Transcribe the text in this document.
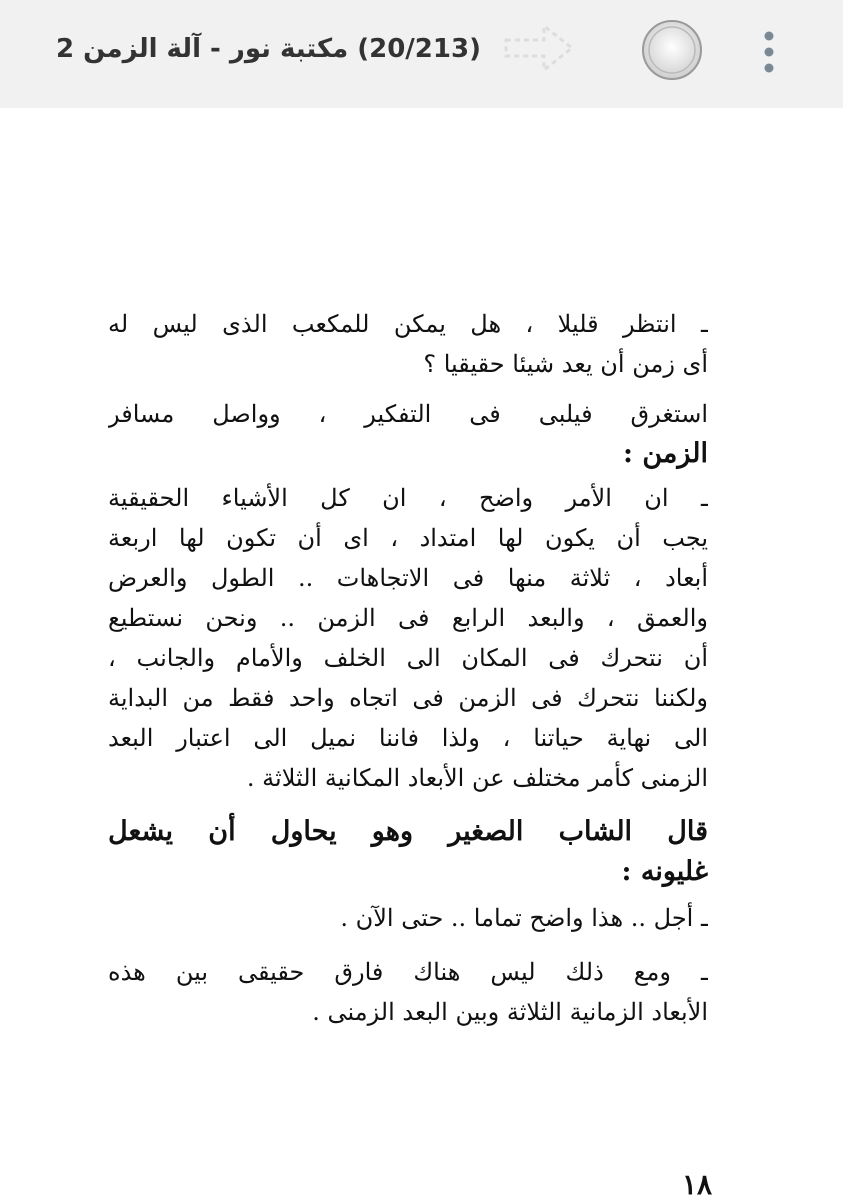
(20/213) مكتبة نور - آلة الزمن 2
ـ انتظر قليلا ، هل يمكن للمكعب الذى ليس له
أى زمن أن يعد شيئا حقيقيا ؟
استغرق فيلبى فى التفكير ، وواصل مسافر
الزمن :
ـ ان الأمر واضح ، ان كل الأشياء الحقيقية
يجب أن يكون لها امتداد ، اى أن تكون لها اربعة
أبعاد ، ثلاثة منها فى الاتجاهات .. الطول والعرض
والعمق ، والبعد الرابع فى الزمن .. ونحن نستطيع
أن نتحرك فى المكان الى الخلف والأمام والجانب ،
ولكننا نتحرك فى الزمن فى اتجاه واحد فقط من البداية
الى نهاية حياتنا ، ولذا فاننا نميل الى اعتبار البعد
الزمنى كأمر مختلف عن الأبعاد المكانية الثلاثة .
قال الشاب الصغير وهو يحاول أن يشعل
غليونه :
ـ أجل .. هذا واضح تماما .. حتى الآن .
ـ ومع ذلك ليس هناك فارق حقيقى بين هذه
الأبعاد الزمانية الثلاثة وبين البعد الزمنى .
١٨
